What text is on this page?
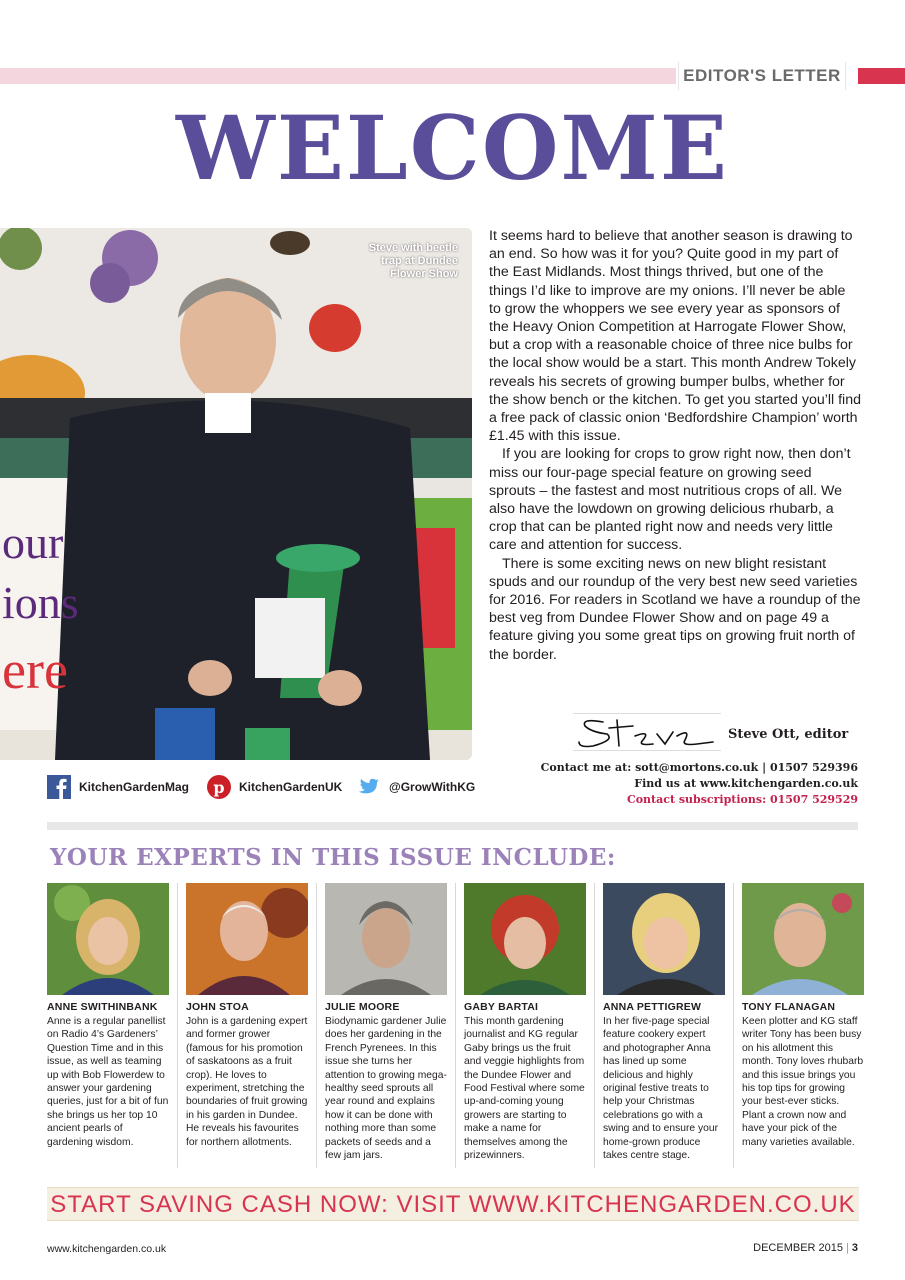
EDITOR'S LETTER
WELCOME
our
ions
ere
Steve with beetle trap at Dundee Flower Show

It seems hard to believe that another season is drawing to an end. So how was it for you? Quite good in my part of the East Midlands. Most things thrived, but one of the things I’d like to improve are my onions. I’ll never be able to grow the whoppers we see every year as sponsors of the Heavy Onion Competition at Harrogate Flower Show, but a crop with a reasonable choice of three nice bulbs for the local show would be a start. This month Andrew Tokely reveals his secrets of growing bumper bulbs, whether for the show bench or the kitchen. To get you started you’ll find a free pack of classic onion ‘Bedfordshire Champion’ worth £1.45 with this issue.

If you are looking for crops to grow right now, then don’t miss our four-page special feature on growing seed sprouts – the fastest and most nutritious crops of all. We also have the lowdown on growing delicious rhubarb, a crop that can be planted right now and needs very little care and attention for success.

There is some exciting news on new blight resistant spuds and our roundup of the very best new seed varieties for 2016. For readers in Scotland we have a roundup of the best veg from Dundee Flower Show and on page 49 a feature giving you some great tips on growing fruit north of the border.

Steve Ott, editor
Contact me at: sott@mortons.co.uk | 01507 529396
Find us at www.kitchengarden.co.uk
Contact subscriptions: 01507 529529
KitchenGardenMag p KitchenGardenUK	@GrowWithKG
YOUR EXPERTS IN THIS ISSUE INCLUDE:
ANNE SWITHINBANK
Anne is a regular panellist on Radio 4’s Gardeners’ Question Time and in this issue, as well as teaming up with Bob Flowerdew to answer your gardening queries, just for a bit of fun she brings us her top 10 ancient pearls of gardening wisdom.
JOHN STOA
John is a gardening expert and former grower (famous for his promotion of saskatoons as a fruit crop). He loves to experiment, stretching the boundaries of fruit growing in his garden in Dundee. He reveals his favourites for northern allotments.
JULIE MOORE
Biodynamic gardener Julie does her gardening in the French Pyrenees. In this issue she turns her attention to growing mega-healthy seed sprouts all year round and explains how it can be done with nothing more than some packets of seeds and a few jam jars.
GABY BARTAI
This month gardening journalist and KG regular Gaby brings us the fruit and veggie highlights from the Dundee Flower and Food Festival where some up-and-coming young growers are starting to make a name for themselves among the prizewinners.
ANNA PETTIGREW
In her five-page special feature cookery expert and photographer Anna has lined up some delicious and highly original festive treats to help your Christmas celebrations go with a swing and to ensure your home-grown produce takes centre stage.
TONY FLANAGAN
Keen plotter and KG staff writer Tony has been busy on his allotment this month. Tony loves rhubarb and this issue brings you his top tips for growing your best-ever sticks. Plant a crown now and have your pick of the many varieties available.
START SAVING CASH NOW: VISIT WWW.KITCHENGARDEN.CO.UK
www.kitchengarden.co.uk	DECEMBER 2015 | 3
